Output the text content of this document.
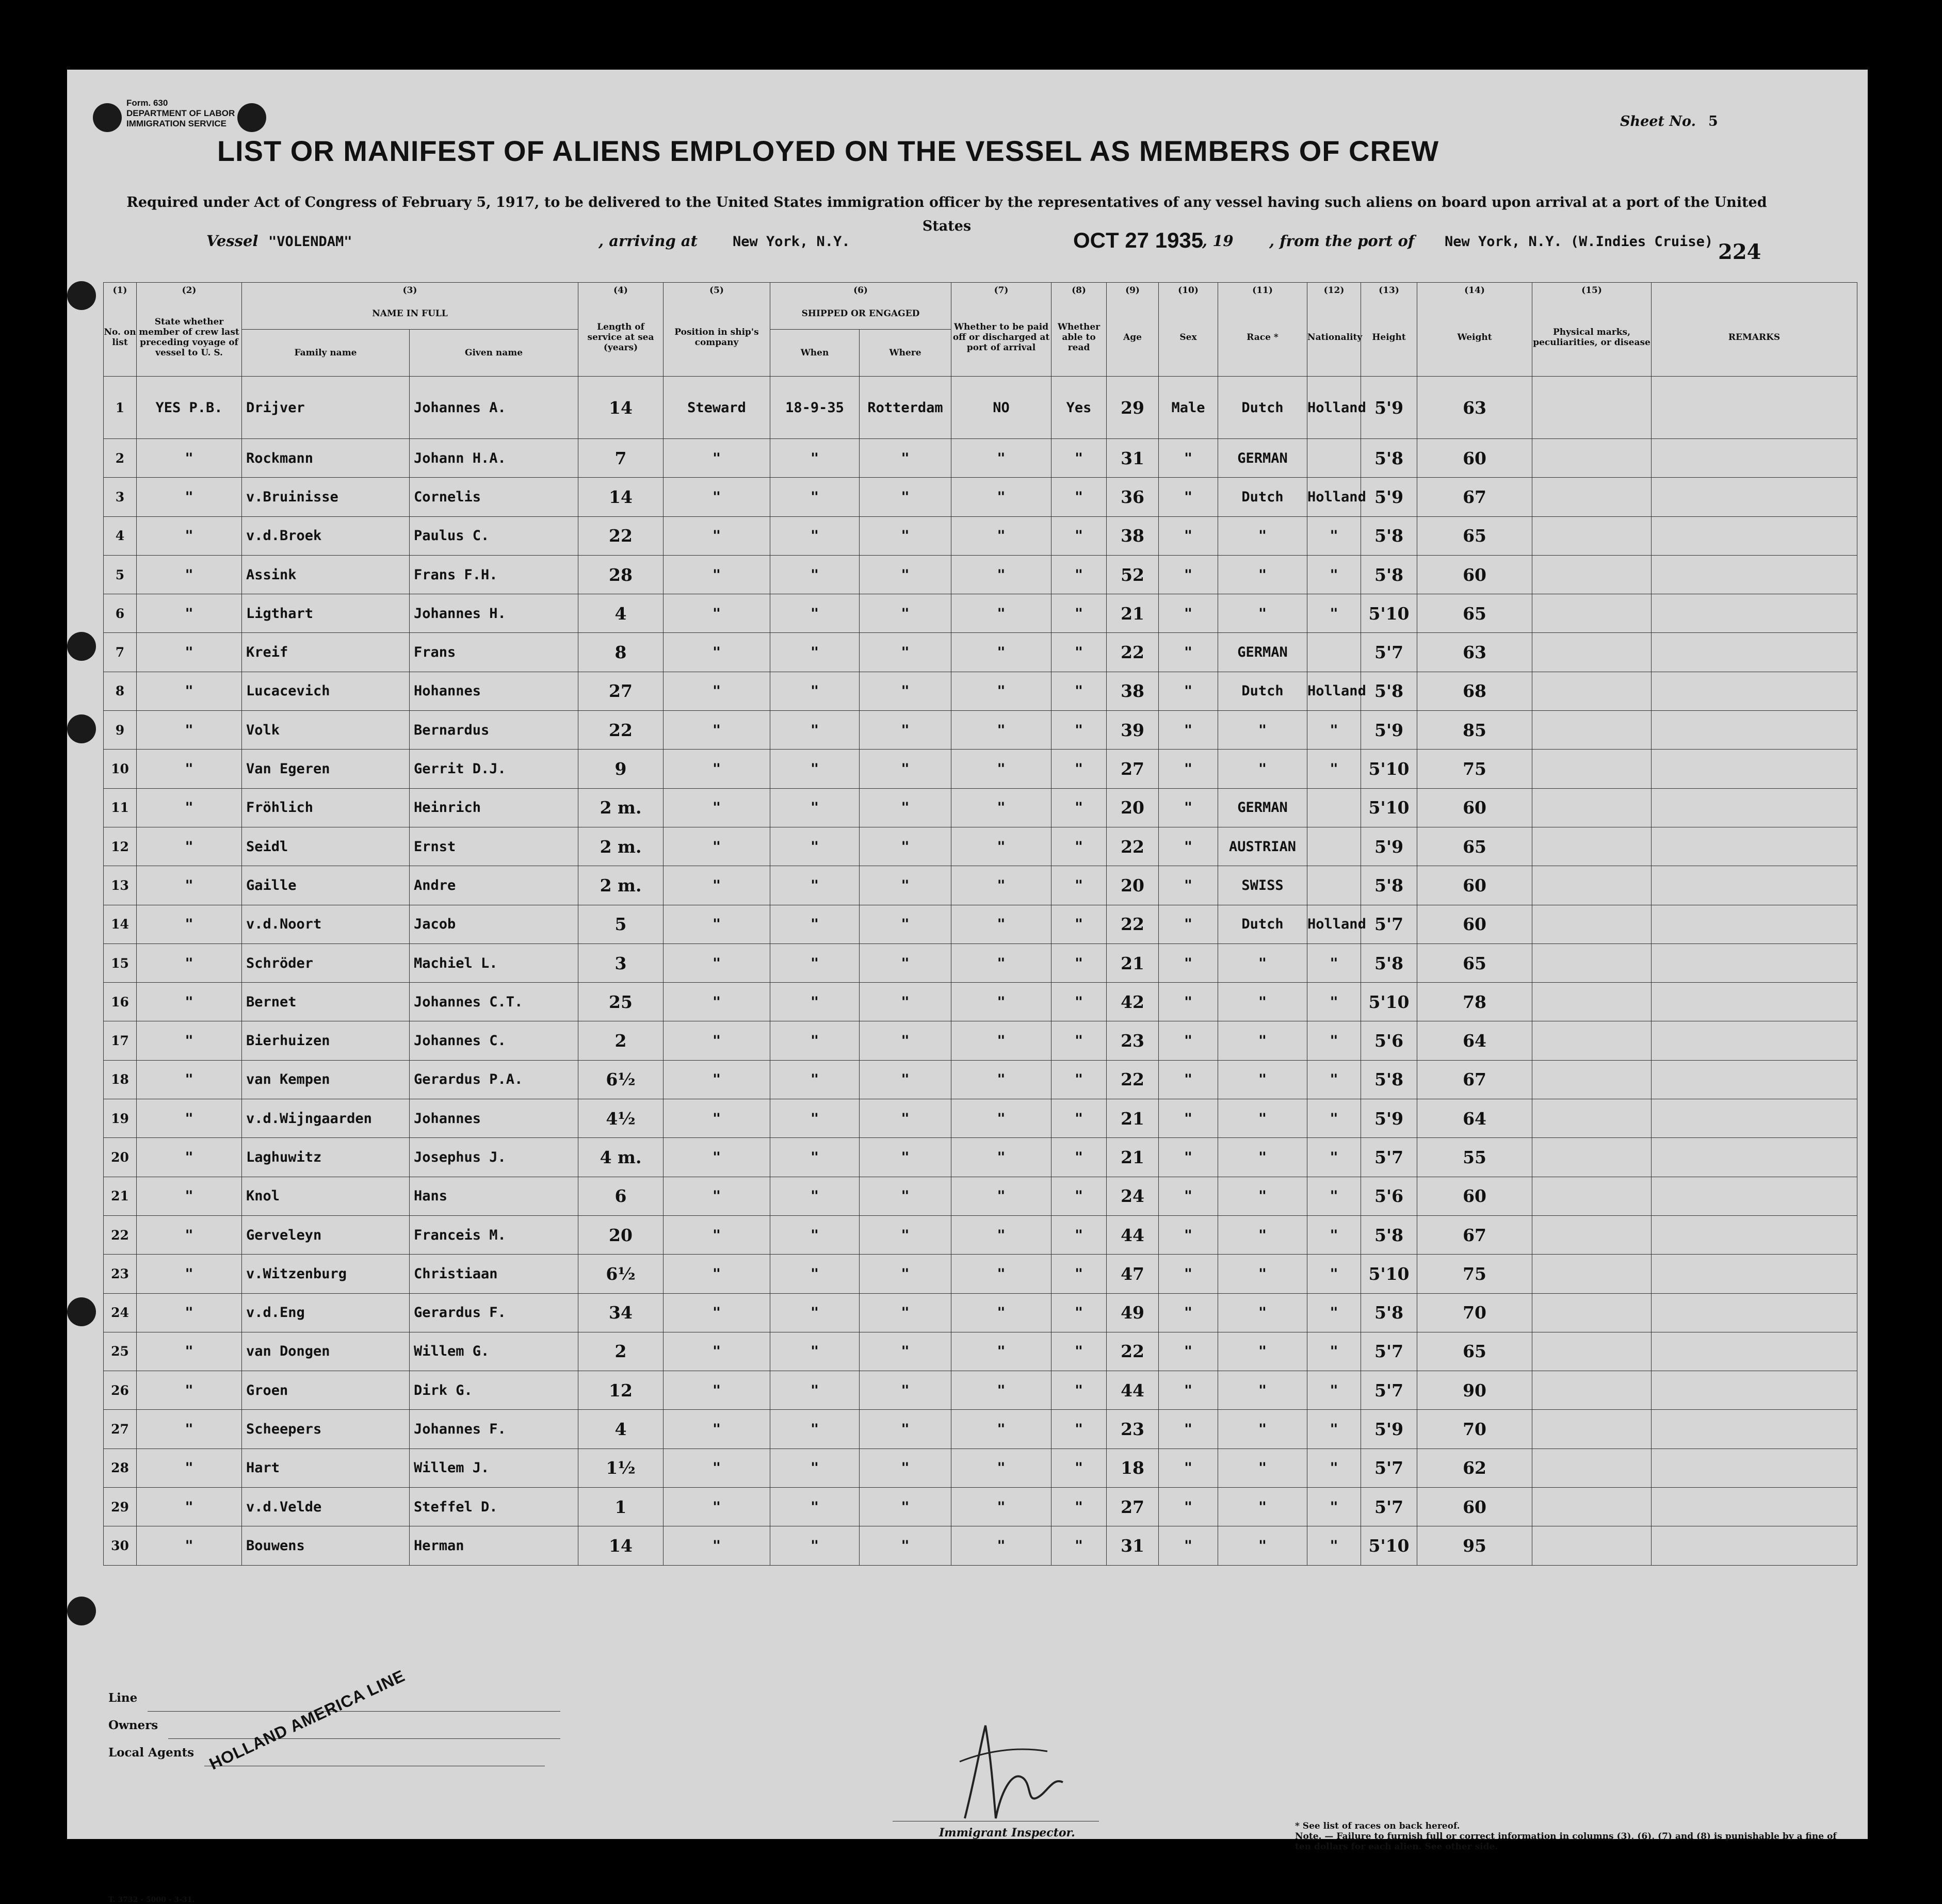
Form. 630
DEPARTMENT OF LABOR
IMMIGRATION SERVICE	Sheet No. 5
LIST OR MANIFEST OF ALIENS EMPLOYED ON THE VESSEL AS MEMBERS OF CREW
Required under Act of Congress of February 5, 1917, to be delivered to the United States immigration officer by the representatives of any vessel having such aliens on board upon arrival at a port of the United States
Vessel "VOLENDAM"	, arriving at	New York, N.Y.	OCT 27 1935
, 19 , from the port of New York, N.Y. (W.Indies Cruise) 224
(1)	(2)	(3)		(4)	(5)	(6)		(7)	(8)	(9)	(10)	(11)	(12)	(13)	(14)	(15)	
No. on list	State whether member of crew last preceding voyage of vessel to U. S.	NAME IN FULL		Length of service at sea (years)	Position in ship's company	SHIPPED OR ENGAGED		Whether to be paid off or discharged at port of arrival	Whether able to read	Age	Sex	Race *	Nationality	Height	Weight	Physical marks, peculiarities, or disease	REMARKS
		Family name	Given name			When	Where										
1	YES P.B.	Drijver	Johannes A.	14	Steward	18-9-35	Rotterdam	NO	Yes	29	Male	Dutch	Holland	5'9	63		
2	"	Rockmann	Johann H.A.	7	"	"	"	"	"	31	"	GERMAN		5'8	60		
3	"	v.Bruinisse	Cornelis	14	"	"	"	"	"	36	"	Dutch	Holland	5'9	67		
4	"	v.d.Broek	Paulus C.	22	"	"	"	"	"	38	"	"	"	5'8	65		
5	"	Assink	Frans F.H.	28	"	"	"	"	"	52	"	"	"	5'8	60		
6	"	Ligthart	Johannes H.	4	"	"	"	"	"	21	"	"	"	5'10	65		
7	"	Kreif	Frans	8	"	"	"	"	"	22	"	GERMAN		5'7	63		
8	"	Lucacevich	Hohannes	27	"	"	"	"	"	38	"	Dutch	Holland	5'8	68		
9	"	Volk	Bernardus	22	"	"	"	"	"	39	"	"	"	5'9	85		
10	"	Van Egeren	Gerrit D.J.	9	"	"	"	"	"	27	"	"	"	5'10	75		
11	"	Fröhlich	Heinrich	2 m.	"	"	"	"	"	20	"	GERMAN		5'10	60		
12	"	Seidl	Ernst	2 m.	"	"	"	"	"	22	"	AUSTRIAN		5'9	65		
13	"	Gaille	Andre	2 m.	"	"	"	"	"	20	"	SWISS		5'8	60		
14	"	v.d.Noort	Jacob	5	"	"	"	"	"	22	"	Dutch	Holland	5'7	60		
15	"	Schröder	Machiel L.	3	"	"	"	"	"	21	"	"	"	5'8	65		
16	"	Bernet	Johannes C.T.	25	"	"	"	"	"	42	"	"	"	5'10	78		
17	"	Bierhuizen	Johannes C.	2	"	"	"	"	"	23	"	"	"	5'6	64		
18	"	van Kempen	Gerardus P.A.	6½	"	"	"	"	"	22	"	"	"	5'8	67		
19	"	v.d.Wijngaarden	Johannes	4½	"	"	"	"	"	21	"	"	"	5'9	64		
20	"	Laghuwitz	Josephus J.	4 m.	"	"	"	"	"	21	"	"	"	5'7	55		
21	"	Knol	Hans	6	"	"	"	"	"	24	"	"	"	5'6	60		
22	"	Gerveleyn	Franceis M.	20	"	"	"	"	"	44	"	"	"	5'8	67		
23	"	v.Witzenburg	Christiaan	6½	"	"	"	"	"	47	"	"	"	5'10	75		
24	"	v.d.Eng	Gerardus F.	34	"	"	"	"	"	49	"	"	"	5'8	70		
25	"	van Dongen	Willem G.	2	"	"	"	"	"	22	"	"	"	5'7	65		
26	"	Groen	Dirk G.	12	"	"	"	"	"	44	"	"	"	5'7	90		
27	"	Scheepers	Johannes F.	4	"	"	"	"	"	23	"	"	"	5'9	70		
28	"	Hart	Willem J.	1½	"	"	"	"	"	18	"	"	"	5'7	62		
29	"	v.d.Velde	Steffel D.	1	"	"	"	"	"	27	"	"	"	5'7	60		
30	"	Bouwens	Herman	14	"	"	"	"	"	31	"	"	"	5'10	95		
Line
Owners
Local Agents HOLLAND AMERICA LINE
Immigrant Inspector.	* See list of races on back hereof.
Note. — Failure to furnish full or correct information in columns (3), (6), (7) and (8) is punishable by a fine of ten dollars for each alien. See other side.
T. 3732 - 5000 - 3-31.
